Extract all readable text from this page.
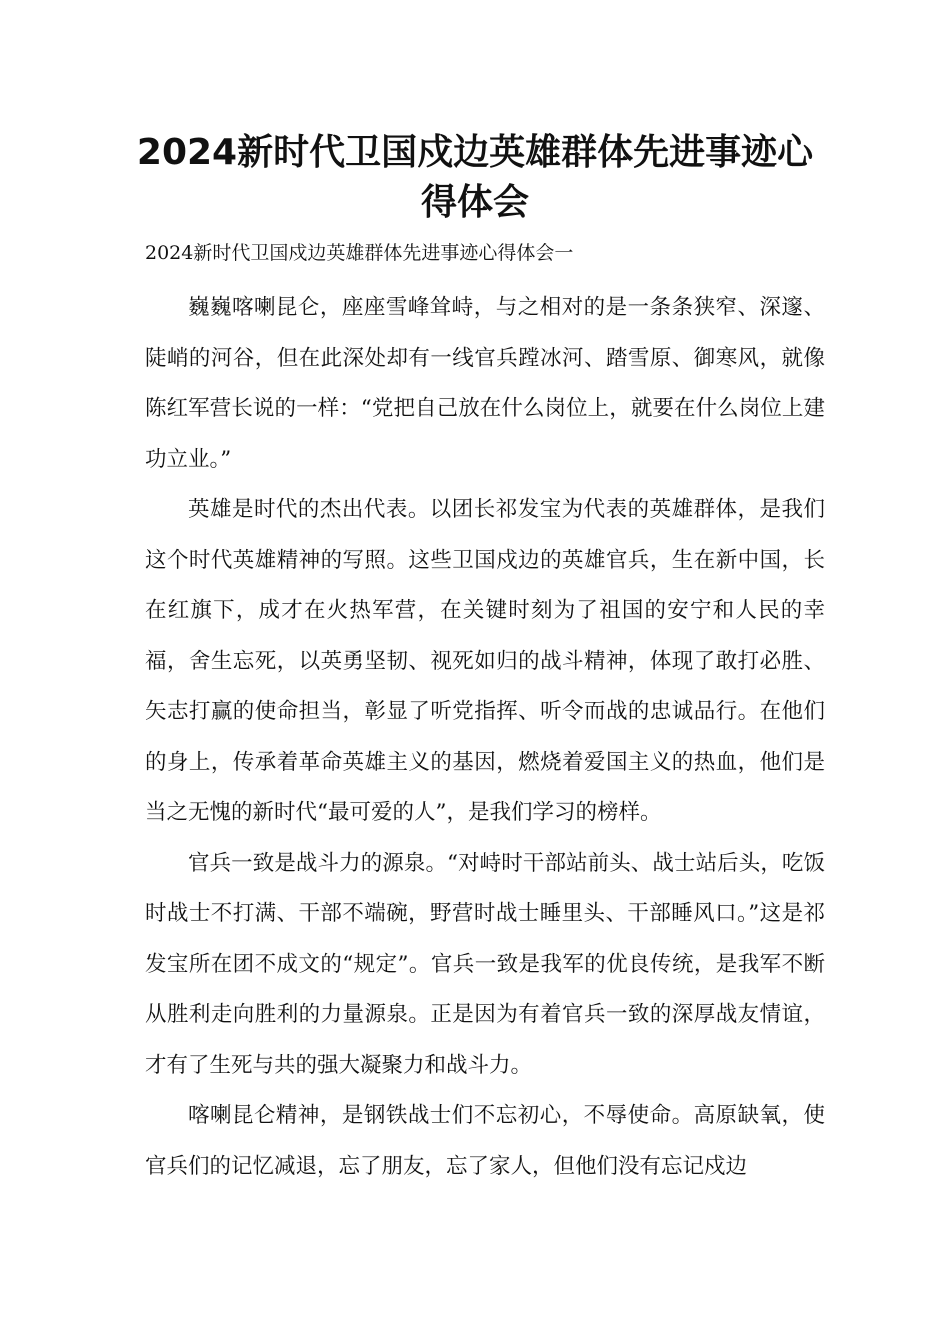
2024新时代卫国戍边英雄群体先进事迹心得体会
2024新时代卫国戍边英雄群体先进事迹心得体会一

巍巍喀喇昆仑，座座雪峰耸峙，与之相对的是一条条狭窄、深邃、陡峭的河谷，但在此深处却有一线官兵蹚冰河、踏雪原、御寒风，就像陈红军营长说的一样：“党把自己放在什么岗位上，就要在什么岗位上建功立业。”

英雄是时代的杰出代表。以团长祁发宝为代表的英雄群体，是我们这个时代英雄精神的写照。这些卫国戍边的英雄官兵，生在新中国，长在红旗下，成才在火热军营，在关键时刻为了祖国的安宁和人民的幸福，舍生忘死，以英勇坚韧、视死如归的战斗精神，体现了敢打必胜、矢志打赢的使命担当，彰显了听党指挥、听令而战的忠诚品行。在他们的身上，传承着革命英雄主义的基因，燃烧着爱国主义的热血，他们是当之无愧的新时代“最可爱的人”，是我们学习的榜样。

官兵一致是战斗力的源泉。“对峙时干部站前头、战士站后头，吃饭时战士不打满、干部不端碗，野营时战士睡里头、干部睡风口。”这是祁发宝所在团不成文的“规定”。官兵一致是我军的优良传统，是我军不断从胜利走向胜利的力量源泉。正是因为有着官兵一致的深厚战友情谊，才有了生死与共的强大凝聚力和战斗力。

喀喇昆仑精神，是钢铁战士们不忘初心，不辱使命。高原缺氧，使官兵们的记忆减退，忘了朋友，忘了家人，但他们没有忘记戍边
